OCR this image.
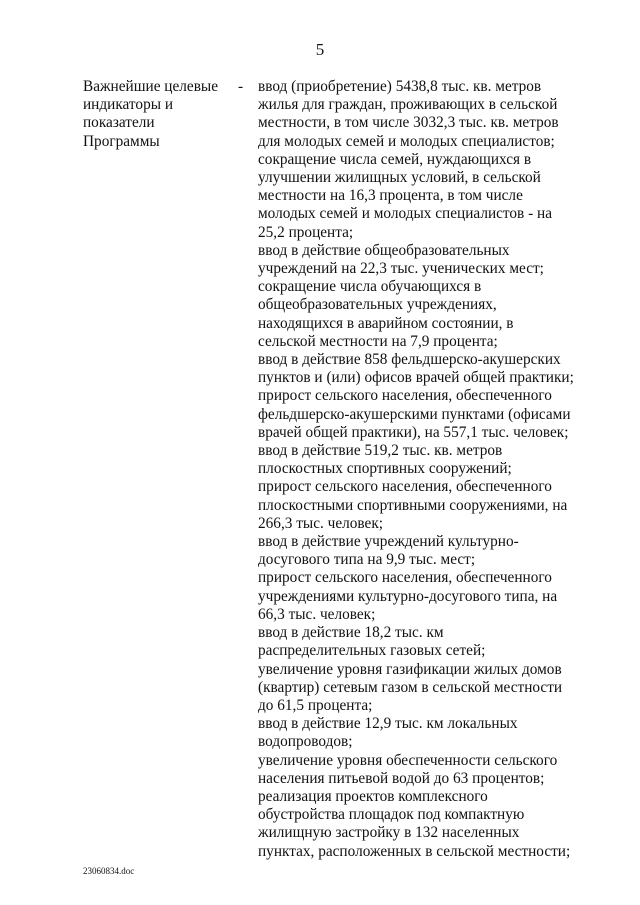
5
Важнейшие целевые
индикаторы и
показатели
Программы
- ввод (приобретение) 5438,8 тыс. кв. метров
жилья для граждан, проживающих в сельской
местности, в том числе 3032,3 тыс. кв. метров
для молодых семей и молодых специалистов;
сокращение числа семей, нуждающихся в
улучшении жилищных условий, в сельской
местности на 16,3 процента, в том числе
молодых семей и молодых специалистов - на
25,2 процента;
ввод в действие общеобразовательных
учреждений на 22,3 тыс. ученических мест;
сокращение числа обучающихся в
общеобразовательных учреждениях,
находящихся в аварийном состоянии, в
сельской местности на 7,9 процента;
ввод в действие 858 фельдшерско-акушерских
пунктов и (или) офисов врачей общей практики;
прирост сельского населения, обеспеченного
фельдшерско-акушерскими пунктами (офисами
врачей общей практики), на 557,1 тыс. человек;
ввод в действие 519,2 тыс. кв. метров
плоскостных спортивных сооружений;
прирост сельского населения, обеспеченного
плоскостными спортивными сооружениями, на
266,3 тыс. человек;
ввод в действие учреждений культурно-
досугового типа на 9,9 тыс. мест;
прирост сельского населения, обеспеченного
учреждениями культурно-досугового типа, на
66,3 тыс. человек;
ввод в действие 18,2 тыс. км
распределительных газовых сетей;
увеличение уровня газификации жилых домов
(квартир) сетевым газом в сельской местности
до 61,5 процента;
ввод в действие 12,9 тыс. км локальных
водопроводов;
увеличение уровня обеспеченности сельского
населения питьевой водой до 63 процентов;
реализация проектов комплексного
обустройства площадок под компактную
жилищную застройку в 132 населенных
пунктах, расположенных в сельской местности;
23060834.doc
